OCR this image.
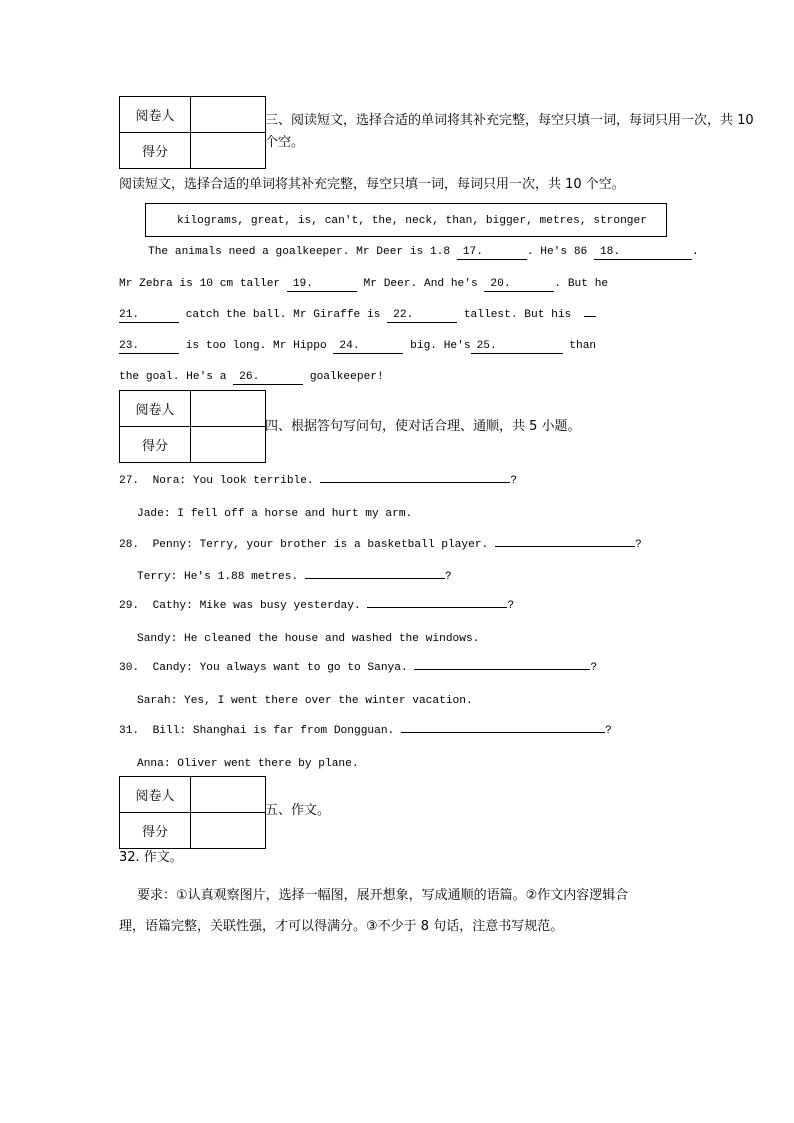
阅卷人	
得分	
三、阅读短文，选择合适的单词将其补充完整，每空只填一词，每词只用一次，共 10
个空。
阅读短文，选择合适的单词将其补充完整，每空只填一词，每词只用一次，共 10 个空。
kilograms, great, is, can't, the, neck, than, bigger, metres, stronger
The animals need a goalkeeper. Mr Deer is 1.8 17.	. He's 86 18.	.
Mr Zebra is 10 cm taller 19.	Mr Deer. And he's 20.	. But he
21.	catch the ball. Mr Giraffe is 22.	tallest. But his
23.	is too long. Mr Hippo 24.	big. He's 25.	than
the goal. He's a 26.	goalkeeper!
阅卷人	
得分	
四、根据答句写问句，使对话合理、通顺，共 5 小题。
27.  Nora: You look terrible.	?
Jade: I fell off a horse and hurt my arm.
28.  Penny: Terry, your brother is a basketball player.	?
Terry: He's 1.88 metres.	?
29.  Cathy: Mike was busy yesterday.	?
Sandy: He cleaned the house and washed the windows.
30.  Candy: You always want to go to Sanya.	?
Sarah: Yes, I went there over the winter vacation.
31.  Bill: Shanghai is far from Dongguan.	?
Anna: Oliver went there by plane.
阅卷人	
得分	
五、作文。
32. 作文。
要求：①认真观察图片，选择一幅图，展开想象，写成通顺的语篇。②作文内容逻辑合
理，语篇完整，关联性强，才可以得满分。③不少于 8 句话，注意书写规范。
